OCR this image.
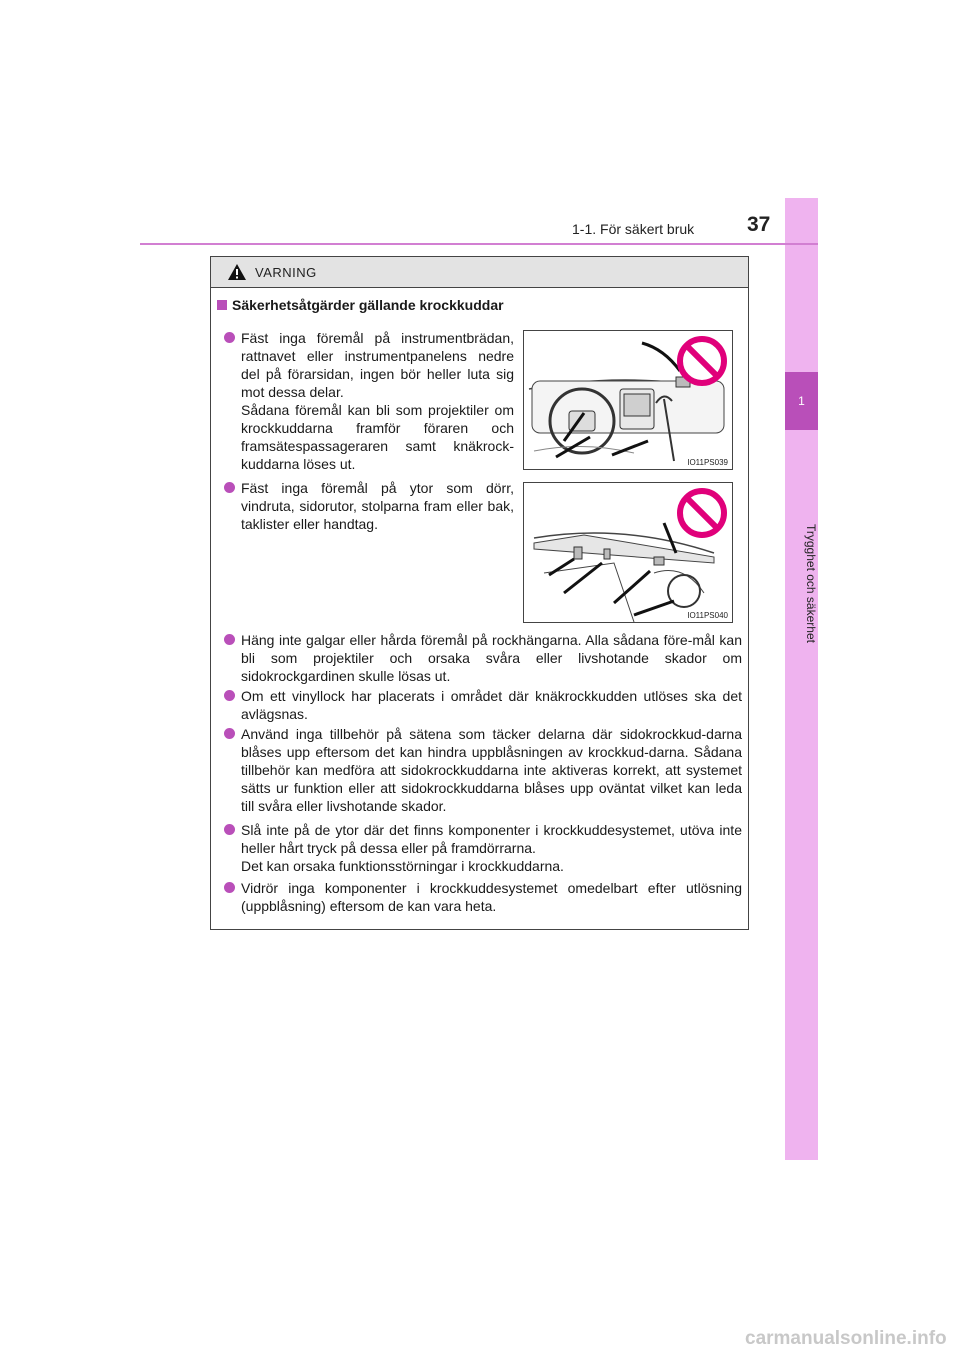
1
Trygghet och säkerhet
1-1. För säkert bruk	37
VARNING
Säkerhetsåtgärder gällande krockkuddar

Fäst inga föremål på instrumentbrädan, rattnavet eller instrumentpanelens nedre del på förarsidan, ingen bör heller luta sig mot dessa delar.

Sådana föremål kan bli som projektiler om krockkuddarna framför föraren och framsätespassageraren samt knäkrock-kuddarna löses ut.	IO11PS039

Fäst inga föremål på ytor som dörr, vindruta, sidorutor, stolparna fram eller bak, taklister eller handtag.

IO11PS040

Häng inte galgar eller hårda föremål på rockhängarna. Alla sådana före-mål kan bli som projektiler och orsaka svåra eller livshotande skador om sidokrockgardinen skulle lösas ut.

Om ett vinyllock har placerats i området där knäkrockkudden utlöses ska det avlägsnas.

Använd inga tillbehör på sätena som täcker delarna där sidokrockkud-darna blåses upp eftersom det kan hindra uppblåsningen av krockkud-darna. Sådana tillbehör kan medföra att sidokrockkuddarna inte aktiveras korrekt, att systemet sätts ur funktion eller att sidokrockkuddarna blåses upp oväntat vilket kan leda till svåra eller livshotande skador.

Slå inte på de ytor där det finns komponenter i krockkuddesystemet, utöva inte heller hårt tryck på dessa eller på framdörrarna.

Det kan orsaka funktionsstörningar i krockkuddarna.

Vidrör inga komponenter i krockkuddesystemet omedelbart efter utlösning (uppblåsning) eftersom de kan vara heta.

carmanualsonline.info
